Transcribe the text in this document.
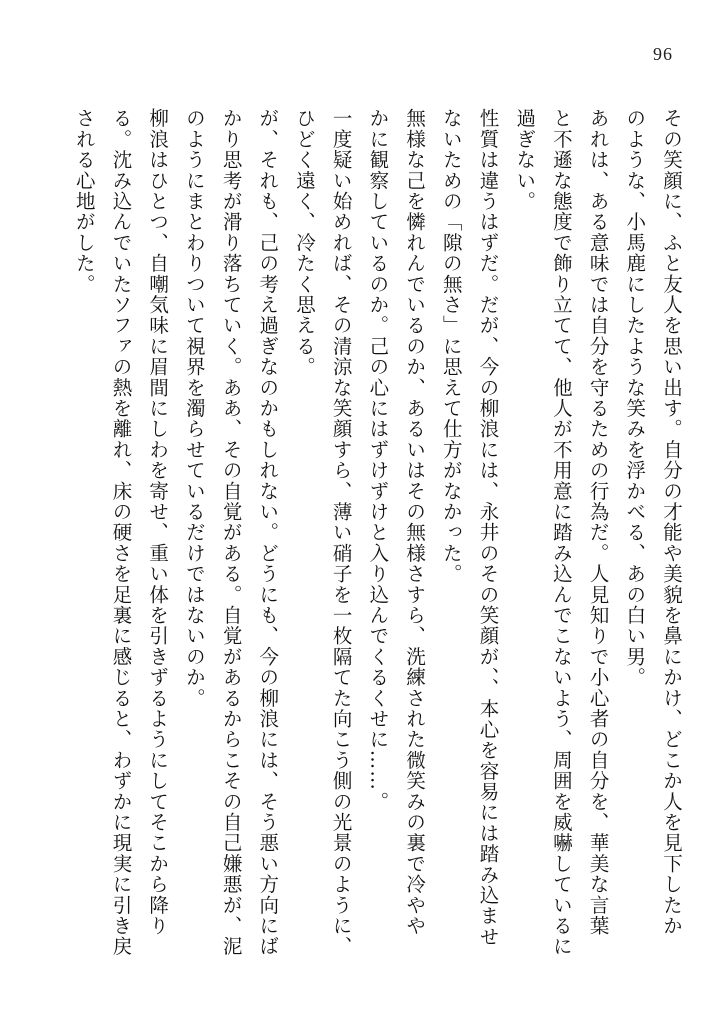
96
その笑顔に、ふと友人を思い出す。自分の才能や美貌を鼻にかけ、どこか人を見下したか
のような、小馬鹿にしたような笑みを浮かべる、あの白い男。
あれは、ある意味では自分を守るための行為だ。人見知りで小心者の自分を、華美な言葉
と不遜な態度で飾り立てて、他人が不用意に踏み込んでこないよう、周囲を威嚇しているに
過ぎない。
性質は違うはずだ。だが、今の柳浪には、永井のその笑顔が、、本心を容易には踏み込ませ
ないための「隙の無さ」に思えて仕方がなかった。
無様な己を憐れんでいるのか、あるいはその無様さすら、洗練された微笑みの裏で冷やや
かに観察しているのか。己の心にはずけずけと入り込んでくるくせに……。
一度疑い始めれば、その清涼な笑顔すら、薄い硝子を一枚隔てた向こう側の光景のように、
ひどく遠く、冷たく思える。
が、それも、己の考え過ぎなのかもしれない。どうにも、今の柳浪には、そう悪い方向にば
かり思考が滑り落ちていく。ああ、その自覚がある。自覚があるからこその自己嫌悪が、泥
のようにまとわりついて視界を濁らせているだけではないのか。
柳浪はひとつ、自嘲気味に眉間にしわを寄せ、重い体を引きずるようにしてそこから降り
る。沈み込んでいたソファの熱を離れ、床の硬さを足裏に感じると、わずかに現実に引き戻
される心地がした。
